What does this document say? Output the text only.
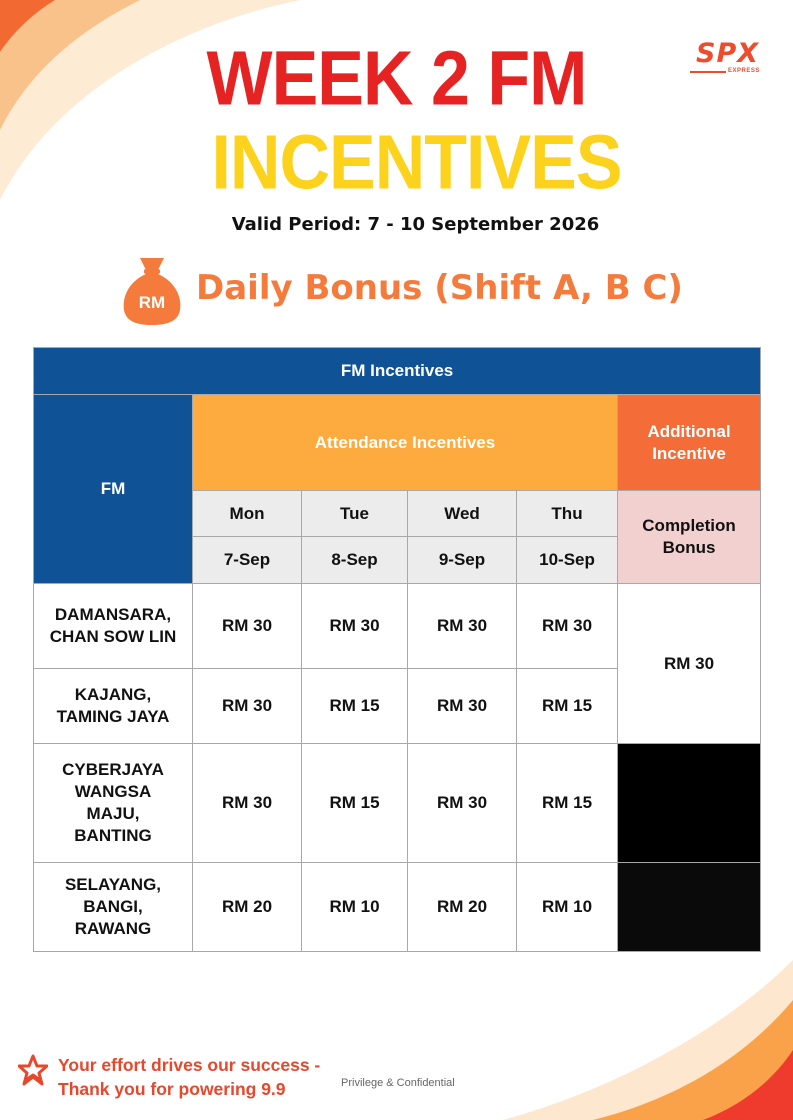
SPX
EXPRESS
WEEK 2 FM
INCENTIVES
Valid Period: 7 - 10 September 2026
RM Daily Bonus (Shift A, B C)
FM Incentives					
FM	Attendance Incentives				Additional Incentive
	Mon	Tue	Wed	Thu	Completion Bonus
	7-Sep	8-Sep	9-Sep	10-Sep	
DAMANSARA, CHAN SOW LIN	RM 30	RM 30	RM 30	RM 30	RM 30
KAJANG, TAMING JAYA	RM 30	RM 15	RM 30	RM 15	
CYBERJAYA WANGSA MAJU, BANTING	RM 30	RM 15	RM 30	RM 15	
SELAYANG, BANGI, RAWANG	RM 20	RM 10	RM 20	RM 10	
Your effort drives our success -
Thank you for powering 9.9	Privilege & Confidential
